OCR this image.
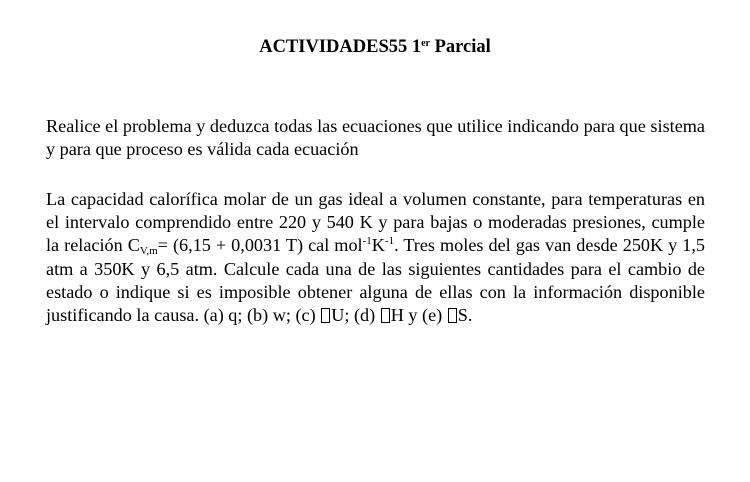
ACTIVIDADES55 1er Parcial
Realice el problema y deduzca todas las ecuaciones que utilice indicando para que sistema y para que proceso es válida cada ecuación
La capacidad calorífica molar de un gas ideal a volumen constante, para temperaturas en el intervalo comprendido entre 220 y 540 K y para bajas o moderadas presiones, cumple la relación $C_{V,m}= (6,15 + 0,0031$ T) cal $mol^{-1}K^{-1}$. Tres moles del gas van desde 250K y 1,5 atm a 350K y 6,5 atm. Calcule cada una de las siguientes cantidades para el cambio de estado o indique si es imposible obtener alguna de ellas con la información disponible justificando la causa. (a) q; (b) w; (c) U; (d) H y (e) S.
